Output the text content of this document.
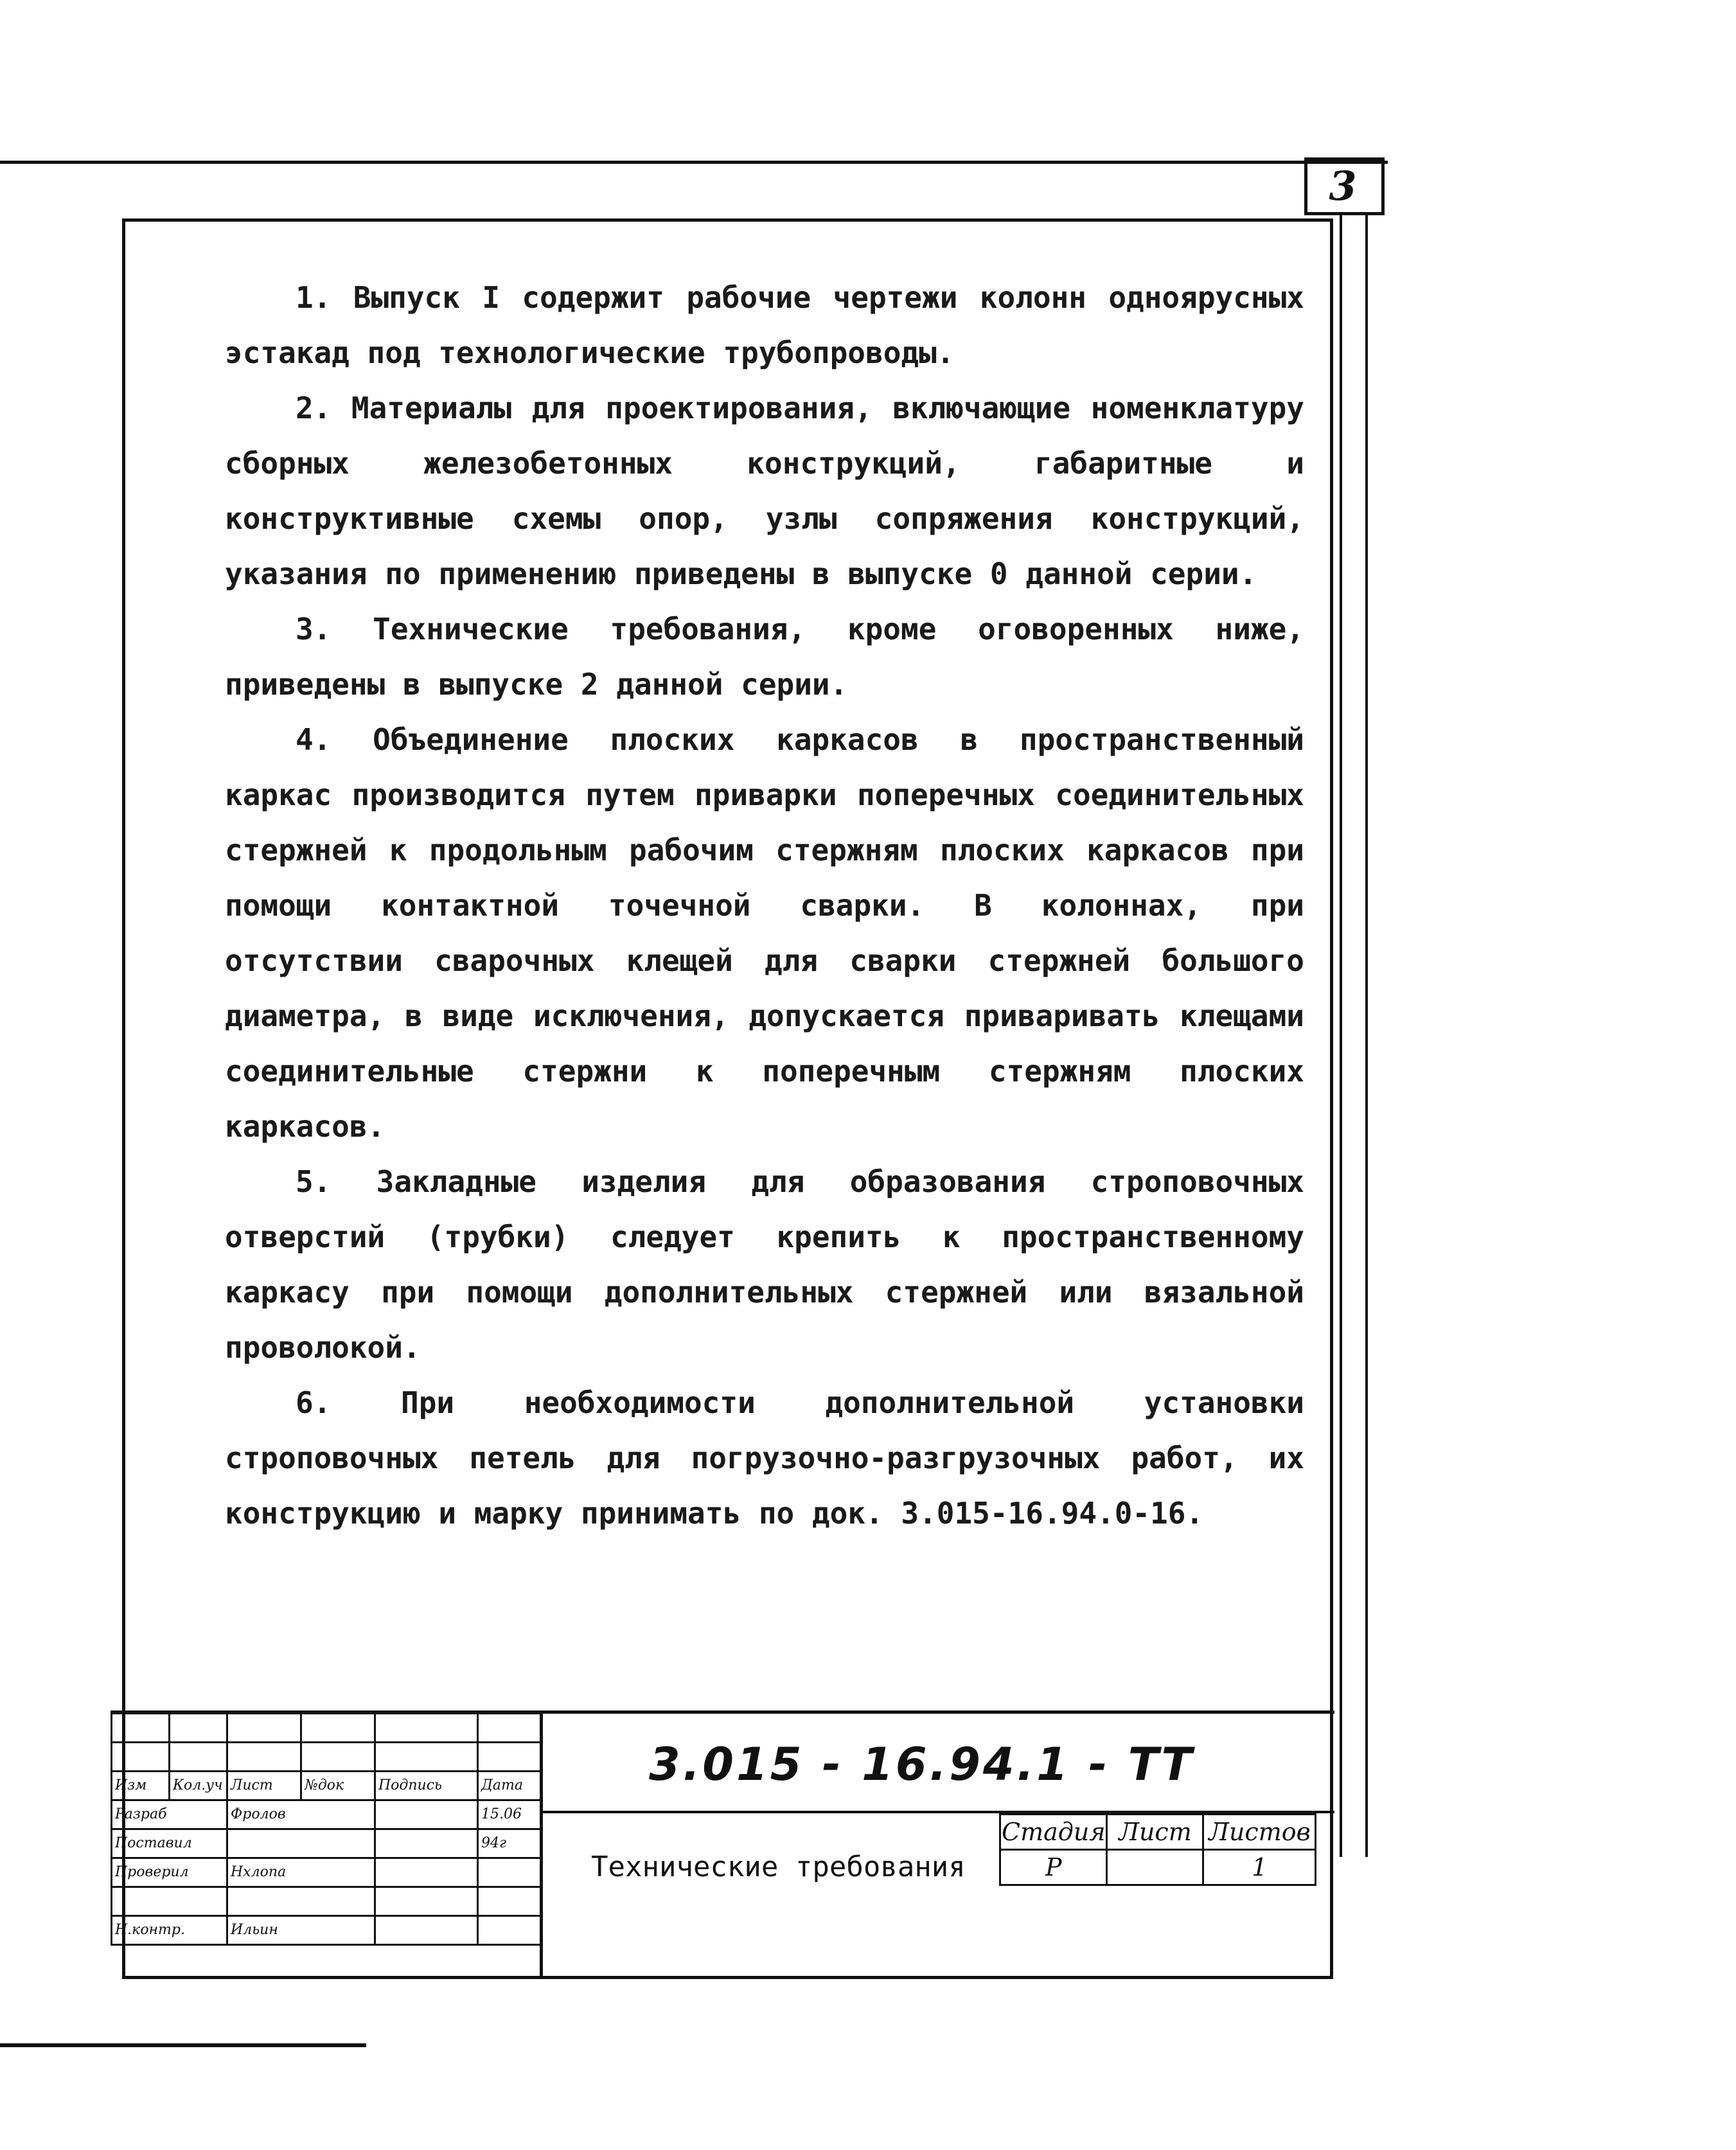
3

1. Выпуск I содержит рабочие чертежи колонн одноярусных эстакад под технологические трубопроводы.

2. Материалы для проектирования, включающие номенклатуру сборных железобетонных конструкций, габаритные и конструктивные схемы опор, узлы сопряжения конструкций, указания по применению приведены в выпуске 0 данной серии.

3. Технические требования, кроме оговоренных ниже, приведены в выпуске 2 данной серии.

4. Объединение плоских каркасов в пространственный каркас производится путем приварки поперечных соединительных стержней к продольным рабочим стержням плоских каркасов при помощи контактной точечной сварки. В колоннах, при отсутствии сварочных клещей для сварки стержней большого диаметра, в виде исключения, допускается приваривать клещами соединительные стержни к поперечным стержням плоских каркасов.

5. Закладные изделия для образования строповочных отверстий (трубки) следует крепить к пространственному каркасу при помощи дополнительных стержней или вязальной проволокой.

6. При необходимости дополнительной установки строповочных петель для погрузочно-разгрузочных работ, их конструкцию и марку принимать по док. 3.015-16.94.0-16.

Изм	Кол.уч	Лист	№док	Подпись	Дата
Разраб		Фролов			15.06
Поставил					94г
Проверил		Нхлопа			

Н.контр.		Ильин			
3.015 - 16.94.1 - ТТ
Технические требования
Стадия	Лист	Листов
Р		1
